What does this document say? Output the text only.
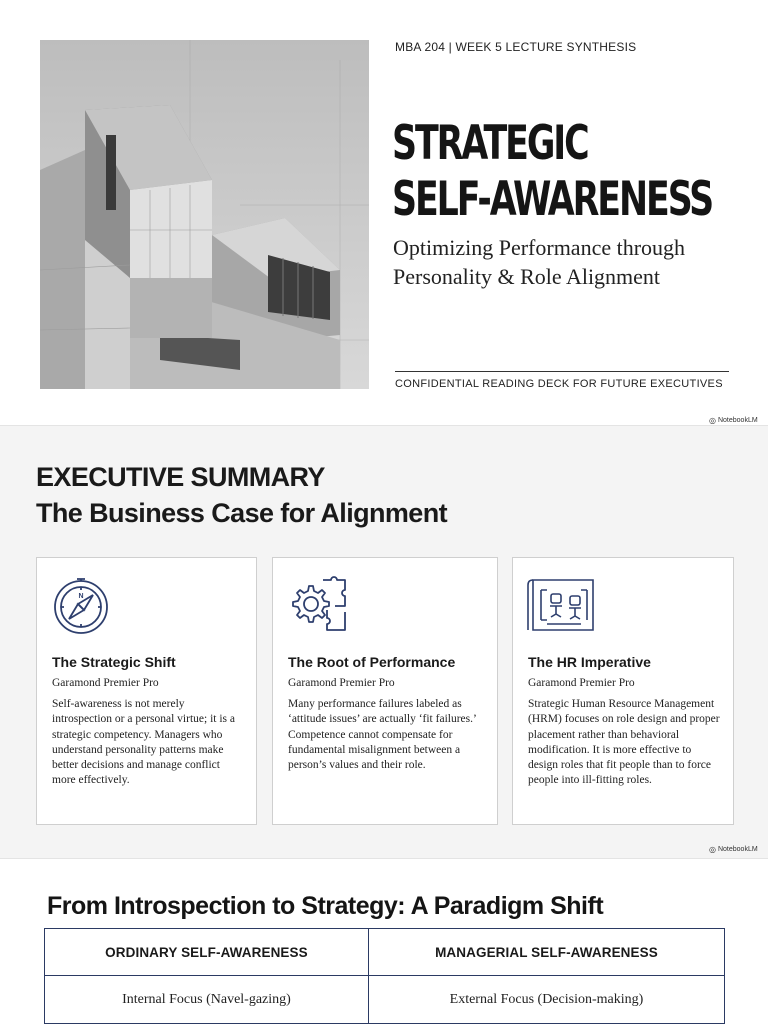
MBA 204 | WEEK 5 LECTURE SYNTHESIS
STRATEGIC
SELF-AWARENESS
Optimizing Performance through
Personality & Role Alignment
CONFIDENTIAL READING DECK FOR FUTURE EXECUTIVES
◎ NotebookLM
EXECUTIVE SUMMARY
The Business Case for Alignment
N
The Strategic Shift
Garamond Premier Pro
Self-awareness is not merely introspection or a personal virtue; it is a strategic competency. Managers who understand personality patterns make better decisions and manage conflict more effectively.
The Root of Performance
Garamond Premier Pro
Many performance failures labeled as ‘attitude issues’ are actually ‘fit failures.’ Competence cannot compensate for fundamental misalignment between a person’s values and their role.
The HR Imperative
Garamond Premier Pro
Strategic Human Resource Management (HRM) focuses on role design and proper placement rather than behavioral modification. It is more effective to design roles that fit people than to force people into ill-fitting roles.
◎ NotebookLM
From Introspection to Strategy: A Paradigm Shift
ORDINARY SELF-AWARENESS	MANAGERIAL SELF-AWARENESS
Internal Focus (Navel-gazing)	External Focus (Decision-making)
